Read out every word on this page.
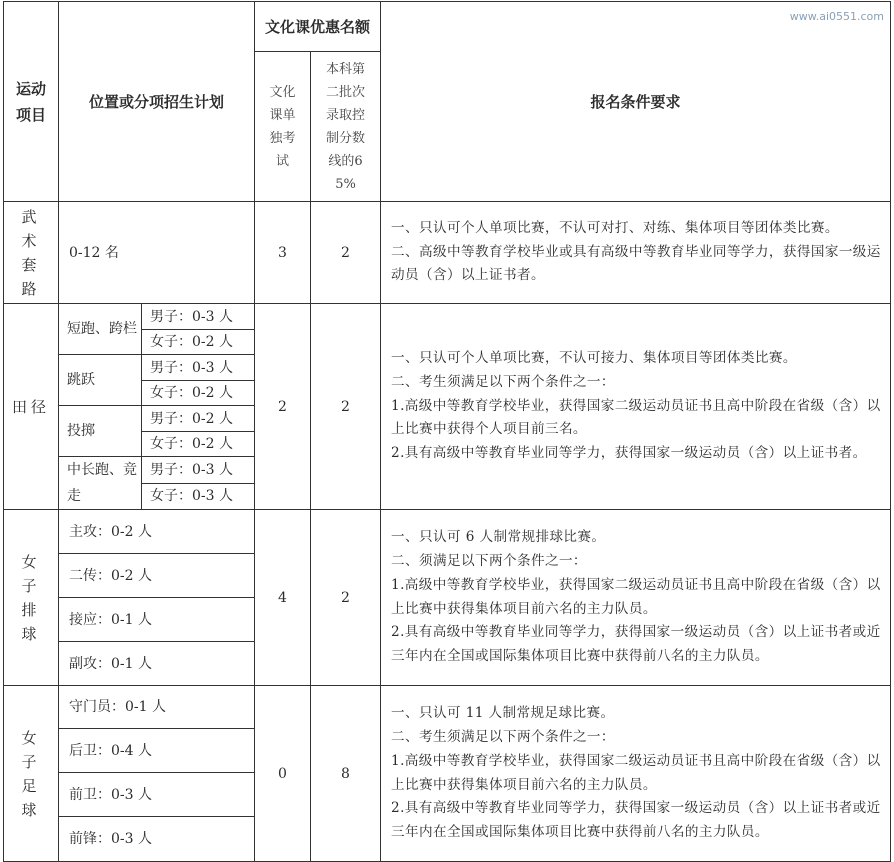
www.ai0551.com
运动项目	位置或分项招生计划		文化课优惠名额		报名条件要求

			文化课单独考试	本科第二批次录取控制分数线的65%	

武术套路	0-12 名		3	2	一、只认可个人单项比赛，不认可对打、对练、集体项目等团体类比赛。
二、高级中等教育学校毕业或具有高级中等教育毕业同等学力，获得国家一级运动员（含）以上证书者。

田径	短跑、跨栏	男子：0-3 人	2	2	一、只认可个人单项比赛，不认可接力、集体项目等团体类比赛。
二、考生须满足以下两个条件之一：
1.高级中等教育学校毕业，获得国家二级运动员证书且高中阶段在省级（含）以上比赛中获得个人项目前三名。
2.具有高级中等教育毕业同等学力，获得国家一级运动员（含）以上证书者。

		女子：0-2 人			
	跳跃	男子：0-3 人			
		女子：0-2 人			
	投掷	男子：0-2 人			
		女子：0-2 人			
	中长跑、竞走	男子：0-3 人			
		女子：0-3 人			

女子排球	主攻：0-2 人		4	2	一、只认可 6 人制常规排球比赛。
二、须满足以下两个条件之一：
1.高级中等教育学校毕业，获得国家二级运动员证书且高中阶段在省级（含）以上比赛中获得集体项目前六名的主力队员。
2.具有高级中等教育毕业同等学力，获得国家一级运动员（含）以上证书者或近三年内在全国或国际集体项目比赛中获得前八名的主力队员。

	二传：0-2 人				
	接应：0-1 人				
	副攻：0-1 人				

女子足球	守门员：0-1 人		0	8	一、只认可 11 人制常规足球比赛。
二、考生须满足以下两个条件之一：
1.高级中等教育学校毕业，获得国家二级运动员证书且高中阶段在省级（含）以上比赛中获得集体项目前六名的主力队员。
2.具有高级中等教育毕业同等学力，获得国家一级运动员（含）以上证书者或近三年内在全国或国际集体项目比赛中获得前八名的主力队员。

	后卫：0-4 人				
	前卫：0-3 人				
	前锋：0-3 人				
